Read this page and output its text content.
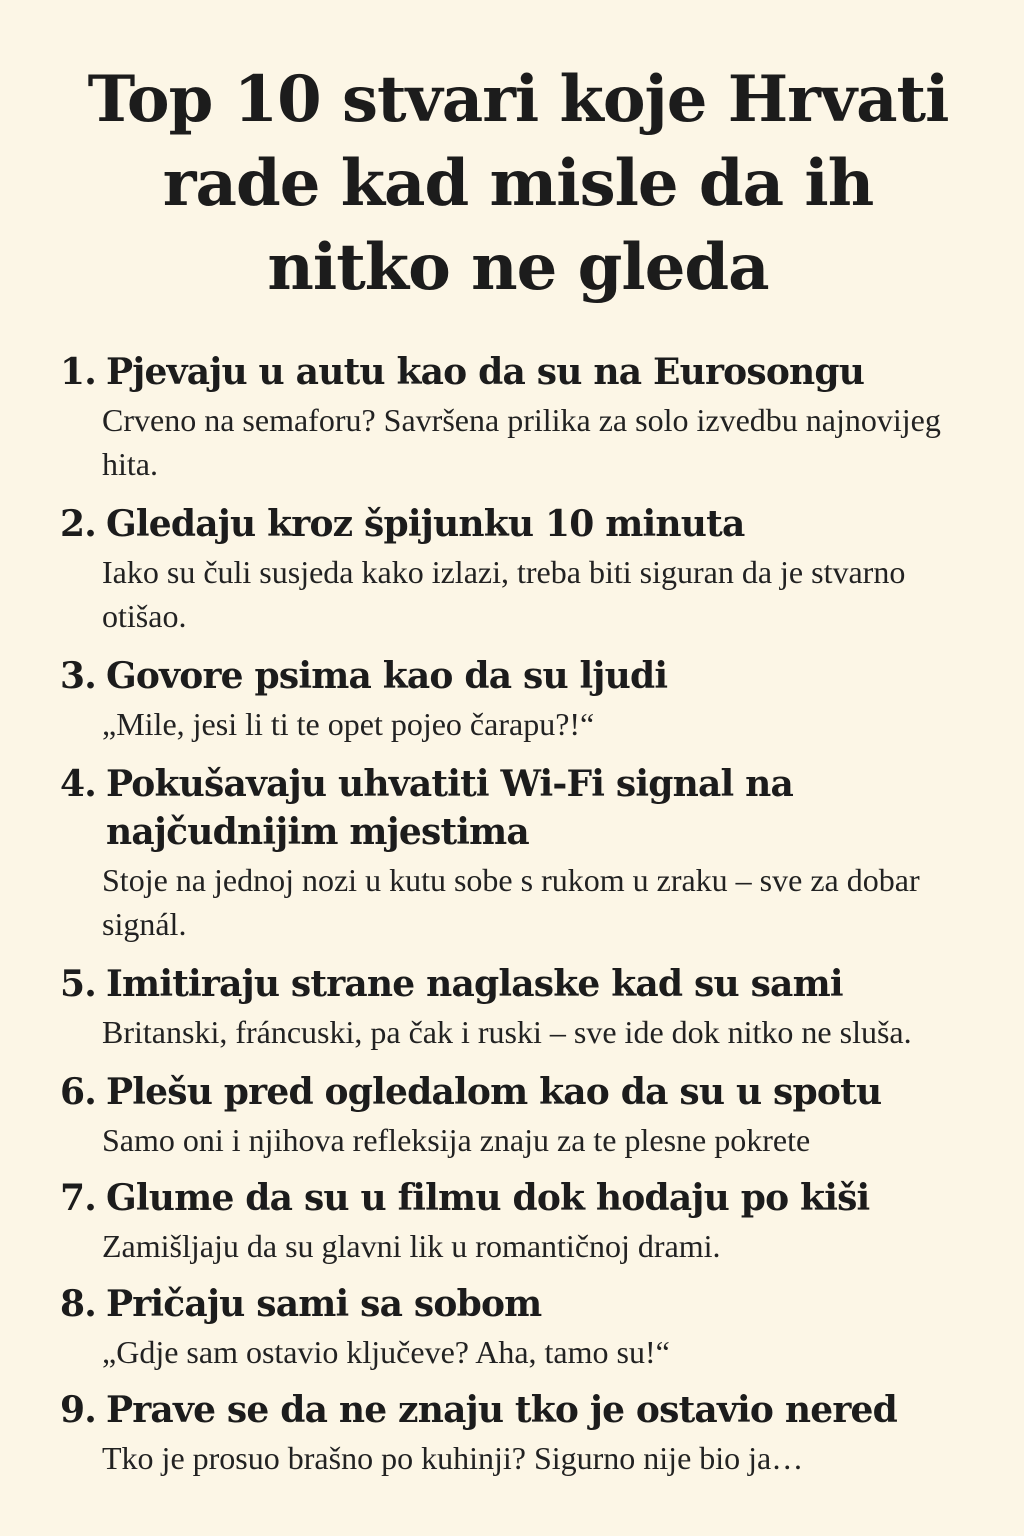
Top 10 stvari koje Hrvati
rade kad misle da ih
nitko ne gleda
1. Pjevaju u autu kao da su na Eurosongu
Crveno na semaforu? Savršena prilika za solo izvedbu najnovijeg hita.
2. Gledaju kroz špijunku 10 minuta
Iako su čuli susjeda kako izlazi, treba biti siguran da je stvarno otišao.
3. Govore psima kao da su ljudi
„Mile, jesi li ti te opet pojeo čarapu?!“
4. Pokušavaju uhvatiti Wi-Fi signal na najčudnijim mjestima
Stoje na jednoj nozi u kutu sobe s rukom u zraku – sve za dobar signál.
5. Imitiraju strane naglaske kad su sami
Britanski, fráncuski, pa čak i ruski – sve ide dok nitko ne sluša.
6. Plešu pred ogledalom kao da su u spotu
Samo oni i njihova refleksija znaju za te plesne pokrete
7. Glume da su u filmu dok hodaju po kiši
Zamišljaju da su glavni lik u romantičnoj drami.
8. Pričaju sami sa sobom
„Gdje sam ostavio ključeve? Aha, tamo su!“
9. Prave se da ne znaju tko je ostavio nered
Tko je prosuo brašno po kuhinji? Sigurno nije bio ja…
